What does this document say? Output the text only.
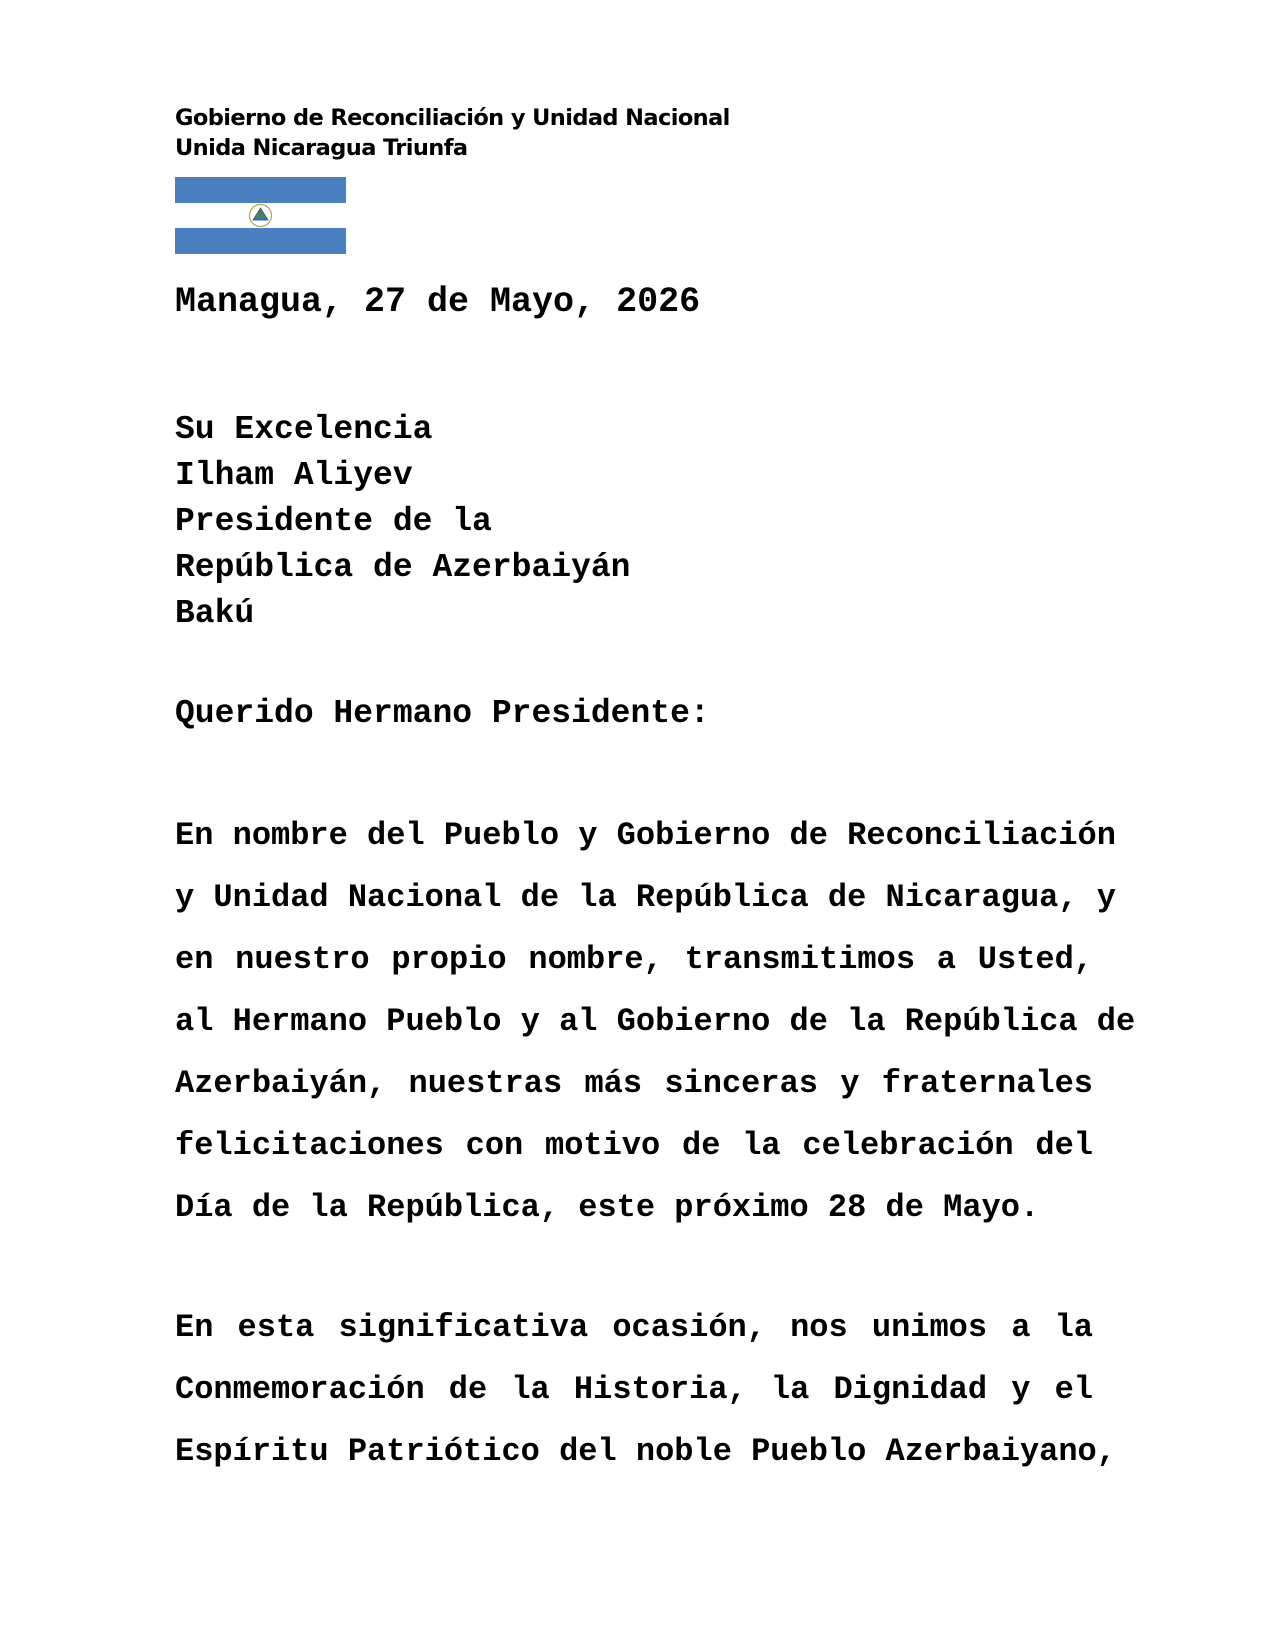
Gobierno de Reconciliación y Unidad Nacional
Unida Nicaragua Triunfa
Managua, 27 de Mayo, 2026
Su Excelencia
Ilham Aliyev
Presidente de la
República de Azerbaiyán
Bakú
Querido Hermano Presidente:
En nombre del Pueblo y Gobierno de Reconciliación
y Unidad Nacional de la República de Nicaragua, y
en nuestro propio nombre, transmitimos a Usted,
al Hermano Pueblo y al Gobierno de la República de
Azerbaiyán, nuestras más sinceras y fraternales
felicitaciones con motivo de la celebración del
Día de la República, este próximo 28 de Mayo.
En esta significativa ocasión, nos unimos a la
Conmemoración de la Historia, la Dignidad y el
Espíritu Patriótico del noble Pueblo Azerbaiyano,
